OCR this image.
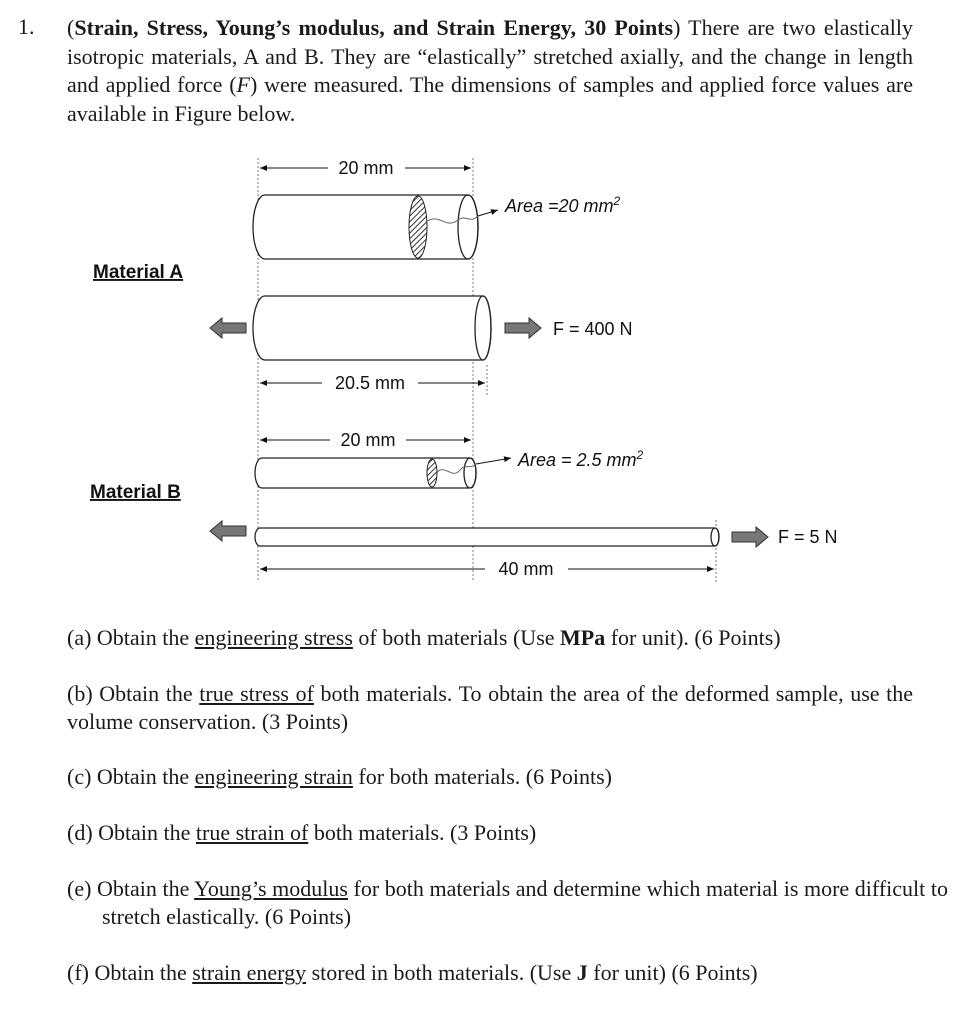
1. (Strain, Stress, Young’s modulus, and Strain Energy, 30 Points) There are two elastically isotropic materials, A and B. They are “elastically” stretched axially, and the change in length and applied force (F) were measured. The dimensions of samples and applied force values are available in Figure below.
20 mm
Area =20 $mm^2$
Material A
F = 400 N
20.5 mm
20 mm
Area = 2.5 $mm^2$
Material B
F = 5 N
40 mm
(a) Obtain the engineering stress of both materials (Use MPa for unit). (6 Points)
(b) Obtain the true stress of both materials. To obtain the area of the deformed sample, use the volume conservation. (3 Points)
(c) Obtain the engineering strain for both materials. (6 Points)
(d) Obtain the true strain of both materials. (3 Points)
(e) Obtain the Young’s modulus for both materials and determine which material is more difficult to stretch elastically. (6 Points)
(f) Obtain the strain energy stored in both materials. (Use J for unit) (6 Points)
